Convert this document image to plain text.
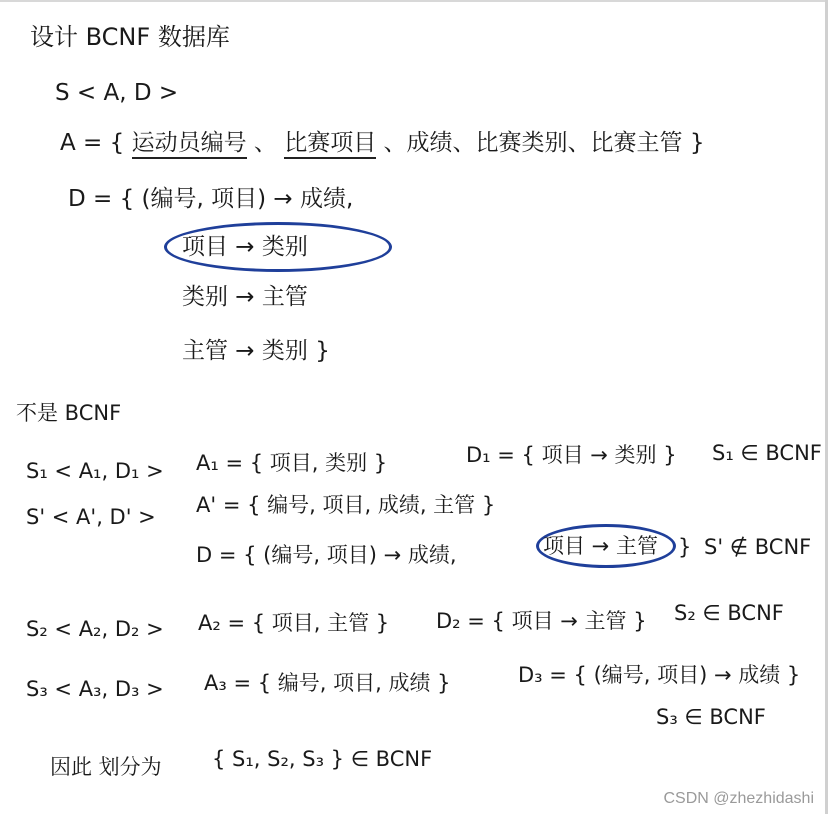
设计 BCNF 数据库
S < A, D >
A = { 运动员编号 、 比赛项目 、成绩、比赛类别、比赛主管 }
D = { (编号, 项目) → 成绩,
项目 → 类别
类别 → 主管
主管 → 类别 }
不是 BCNF
S₁ < A₁, D₁ > A₁ = { 项目, 类别 }	D₁ = { 项目 → 类别 } S₁ ∈ BCNF
S' < A', D' > A' = { 编号, 项目, 成绩, 主管 }
D = { (编号, 项目) → 成绩,	项目 → 主管 } S' ∉ BCNF
S₂ < A₂, D₂ > A₂ = { 项目, 主管 } D₂ = { 项目 → 主管 } S₂ ∈ BCNF
S₃ < A₃, D₃ > A₃ = { 编号, 项目, 成绩 }	D₃ = { (编号, 项目) → 成绩 }
S₃ ∈ BCNF
因此 划分为 { S₁, S₂, S₃ } ∈ BCNF
CSDN @zhezhidashi
